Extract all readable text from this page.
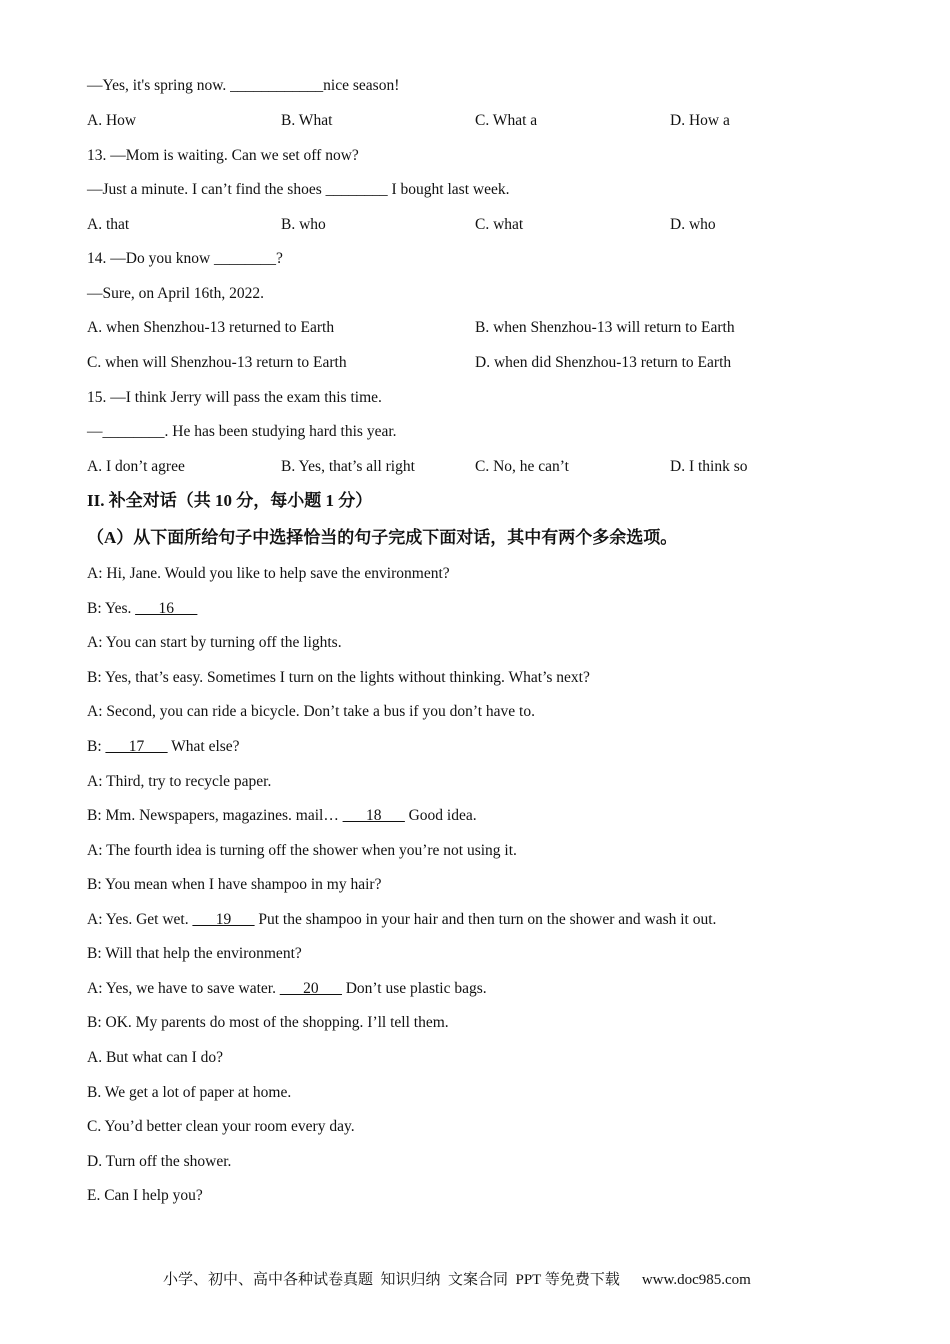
—Yes, it's spring now. ____________nice season!
A. How	B. What	C. What a	D. How a
13. —Mom is waiting. Can we set off now?
—Just a minute. I can’t find the shoes ________ I bought last week.
A. that	B. who	C. what	D. who
14. —Do you know ________?
—Sure, on April 16th, 2022.
A. when Shenzhou-13 returned to Earth	B. when Shenzhou-13 will return to Earth
C. when will Shenzhou-13 return to Earth	D. when did Shenzhou-13 return to Earth
15. —I think Jerry will pass the exam this time.
—________. He has been studying hard this year.
A. I don’t agree	B. Yes, that’s all right	C. No, he can’t	D. I think so
II. 补全对话（共 10 分，每小题 1 分）
（A）从下面所给句子中选择恰当的句子完成下面对话，其中有两个多余选项。
A: Hi, Jane. Would you like to help save the environment?
B: Yes. ___16___
A: You can start by turning off the lights.
B: Yes, that’s easy. Sometimes I turn on the lights without thinking. What’s next?
A: Second, you can ride a bicycle. Don’t take a bus if you don’t have to.
B: ___17___ What else?
A: Third, try to recycle paper.
B: Mm. Newspapers, magazines. mail… ___18___ Good idea.
A: The fourth idea is turning off the shower when you’re not using it.
B: You mean when I have shampoo in my hair?
A: Yes. Get wet. ___19___ Put the shampoo in your hair and then turn on the shower and wash it out.
B: Will that help the environment?
A: Yes, we have to save water. ___20___ Don’t use plastic bags.
B: OK. My parents do most of the shopping. I’ll tell them.
A. But what can I do?
B. We get a lot of paper at home.
C. You’d better clean your room every day.
D. Turn off the shower.
E. Can I help you?
小学、初中、高中各种试卷真题  知识归纳  文案合同  PPT 等免费下载 www.doc985.com
